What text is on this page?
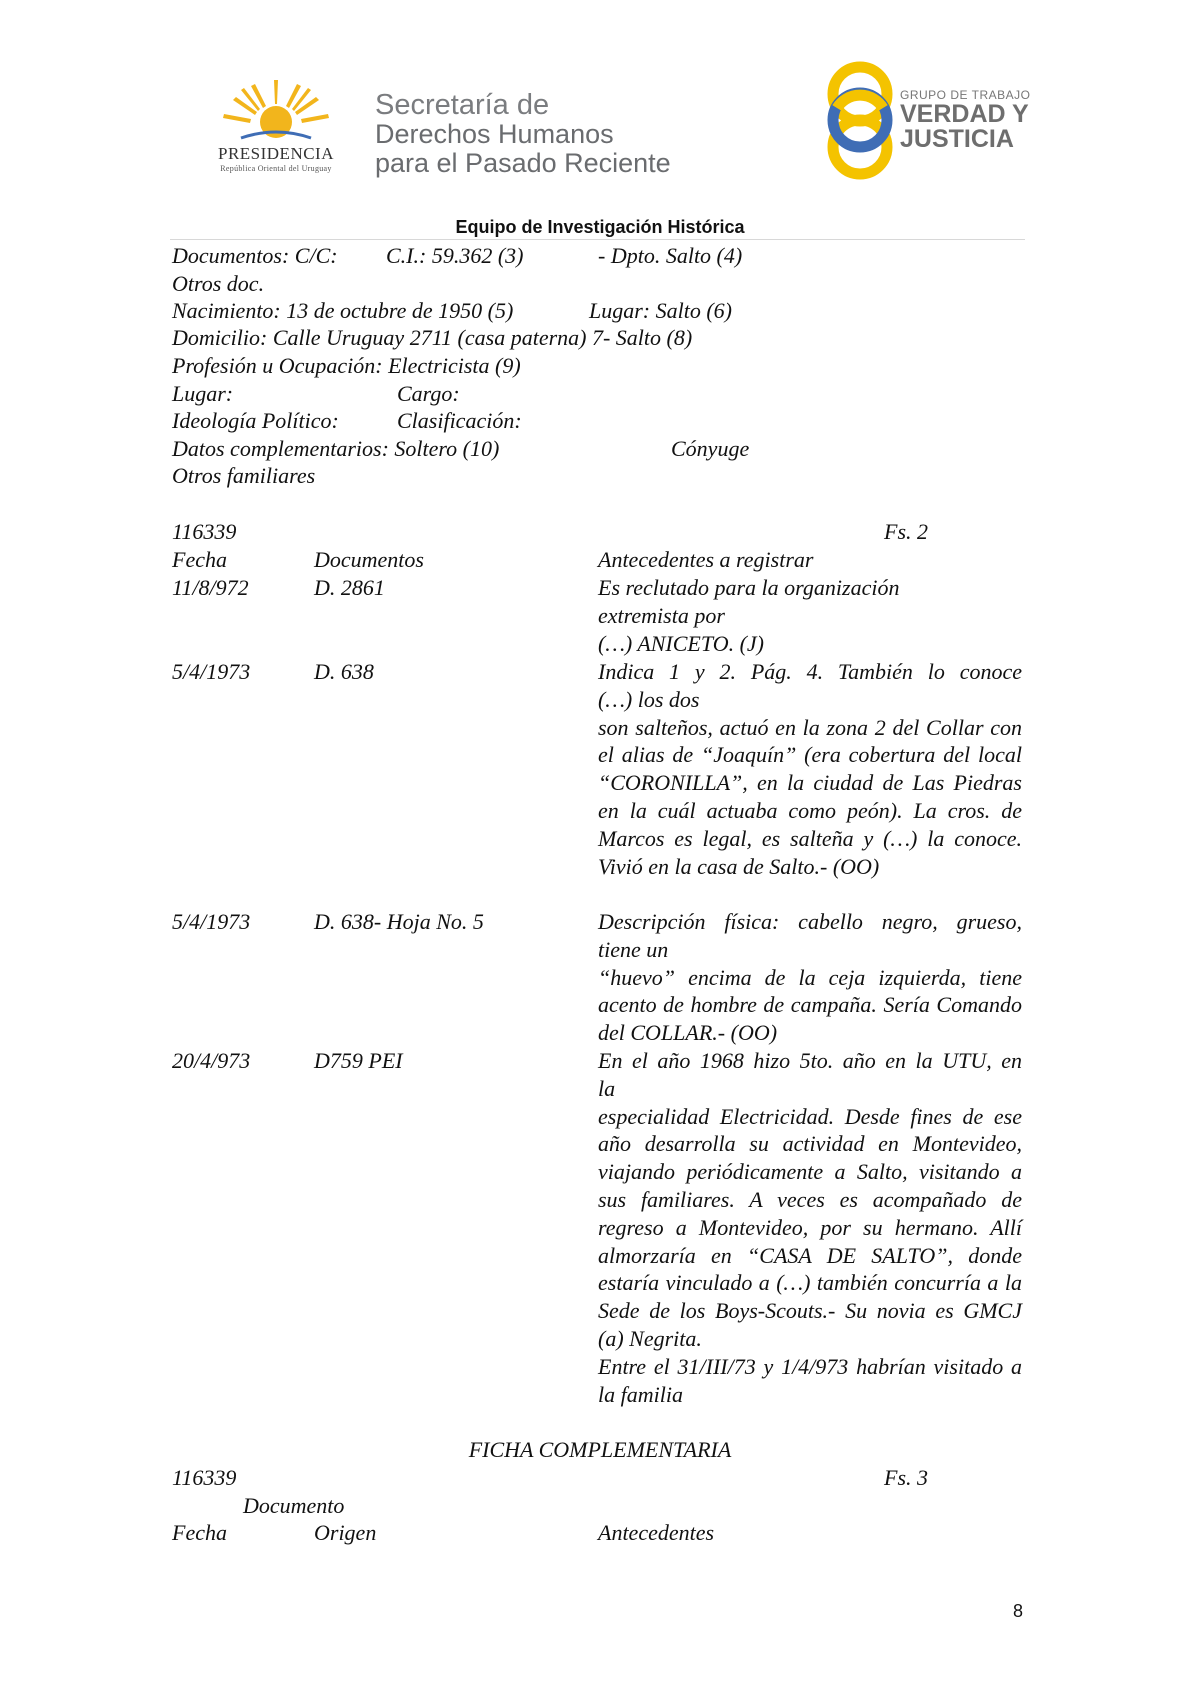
PRESIDENCIA
República Oriental del Uruguay
Secretaría de
Derechos Humanos
para el Pasado Reciente
GRUPO DE TRABAJO
VERDAD Y
JUSTICIA
Equipo de Investigación Histórica
Documentos: C/C: C.I.: 59.362 (3)	- Dpto. Salto (4)
Otros doc.
Nacimiento: 13 de octubre de 1950 (5)	Lugar: Salto (6)
Domicilio: Calle Uruguay 2711 (casa paterna) 7- Salto (8)
Profesión u Ocupación: Electricista (9)
Lugar:	Cargo:
Ideología Político:	Clasificación:
Datos complementarios: Soltero (10)	Cónyuge
Otros familiares
116339	Fs. 2
Fecha	Documentos	Antecedentes a registrar
11/8/972	D. 2861	Es reclutado para la organización

extremista por

(…) ANICETO. (J)

5/4/1973	D. 638	Indica 1 y 2. Pág. 4. También lo conoce

(…) los dos

son salteños, actuó en la zona 2 del Collar con el alias de “Joaquín” (era cobertura del local “CORONILLA”, en la ciudad de Las Piedras en la cuál actuaba como peón). La cros. de Marcos es legal, es salteña y (…) la conoce. Vivió en la casa de Salto.- (OO)

5/4/1973	D. 638- Hoja No. 5	Descripción física: cabello negro, grueso,

tiene un

“huevo” encima de la ceja izquierda, tiene acento de hombre de campaña. Sería Comando del COLLAR.- (OO)

20/4/973	D759 PEI	En el año 1968 hizo 5to. año en la UTU, en

la

especialidad Electricidad. Desde fines de ese año desarrolla su actividad en Montevideo, viajando periódicamente a Salto, visitando a sus familiares. A veces es acompañado de regreso a Montevideo, por su hermano. Allí almorzaría en “CASA DE SALTO”, donde estaría vinculado a (…) también concurría a la Sede de los Boys-Scouts.- Su novia es GMCJ (a) Negrita.

Entre el 31/III/73 y 1/4/973 habrían visitado a la familia

FICHA COMPLEMENTARIA
116339	Fs. 3
Documento
Fecha	Origen	Antecedentes
8
